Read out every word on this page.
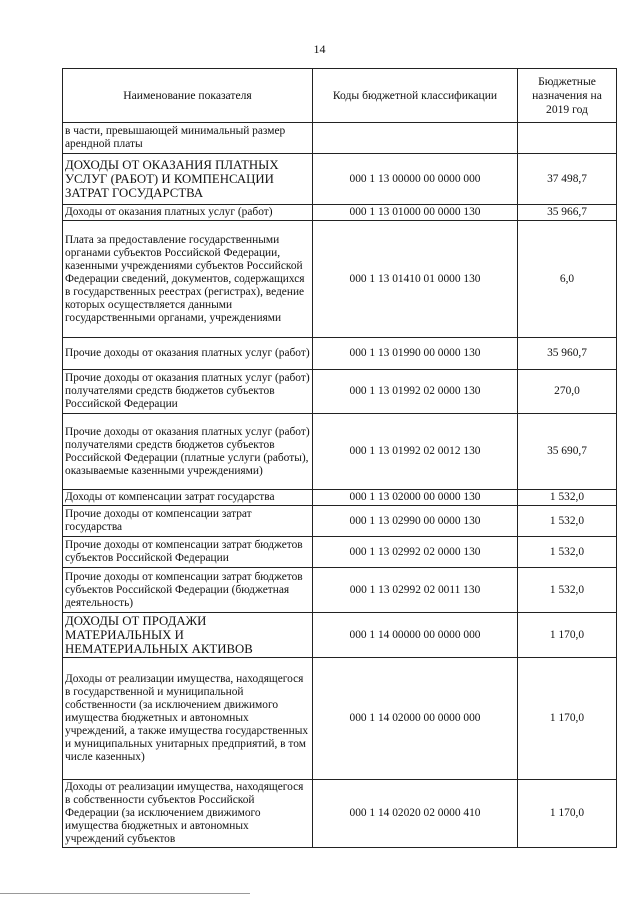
14
Наименование показателя	Коды бюджетной классификации	Бюджетные назначения на 2019 год
в части, превышающей минимальный размер арендной платы		
ДОХОДЫ ОТ ОКАЗАНИЯ ПЛАТНЫХ УСЛУГ (РАБОТ) И КОМПЕНСАЦИИ ЗАТРАТ ГОСУДАРСТВА	000 1 13 00000 00 0000 000	37 498,7
Доходы от оказания платных услуг (работ)	000 1 13 01000 00 0000 130	35 966,7
Плата за предоставление государственными органами субъектов Российской Федерации, казенными учреждениями субъектов Российской Федерации сведений, документов, содержащихся в государственных реестрах (регистрах), ведение которых осуществляется данными государственными органами, учреждениями	000 1 13 01410 01 0000 130	6,0
Прочие доходы от оказания платных услуг (работ)	000 1 13 01990 00 0000 130	35 960,7
Прочие доходы от оказания платных услуг (работ) получателями средств бюджетов субъектов Российской Федерации	000 1 13 01992 02 0000 130	270,0
Прочие доходы от оказания платных услуг (работ) получателями средств бюджетов субъектов Российской Федерации (платные услуги (работы), оказываемые казенными учреждениями)	000 1 13 01992 02 0012 130	35 690,7
Доходы от компенсации затрат государства	000 1 13 02000 00 0000 130	1 532,0
Прочие доходы от компенсации затрат государства	000 1 13 02990 00 0000 130	1 532,0
Прочие доходы от компенсации затрат бюджетов субъектов Российской Федерации	000 1 13 02992 02 0000 130	1 532,0
Прочие доходы от компенсации затрат бюджетов субъектов Российской Федерации (бюджетная деятельность)	000 1 13 02992 02 0011 130	1 532,0
ДОХОДЫ ОТ ПРОДАЖИ МАТЕРИАЛЬНЫХ И НЕМАТЕРИАЛЬНЫХ АКТИВОВ	000 1 14 00000 00 0000 000	1 170,0
Доходы от реализации имущества, находящегося в государственной и муниципальной собственности (за исключением движимого имущества бюджетных и автономных учреждений, а также имущества государственных и муниципальных унитарных предприятий, в том числе казенных)	000 1 14 02000 00 0000 000	1 170,0
Доходы от реализации имущества, находящегося в собственности субъектов Российской Федерации (за исключением движимого имущества бюджетных и автономных учреждений субъектов	000 1 14 02020 02 0000 410	1 170,0
